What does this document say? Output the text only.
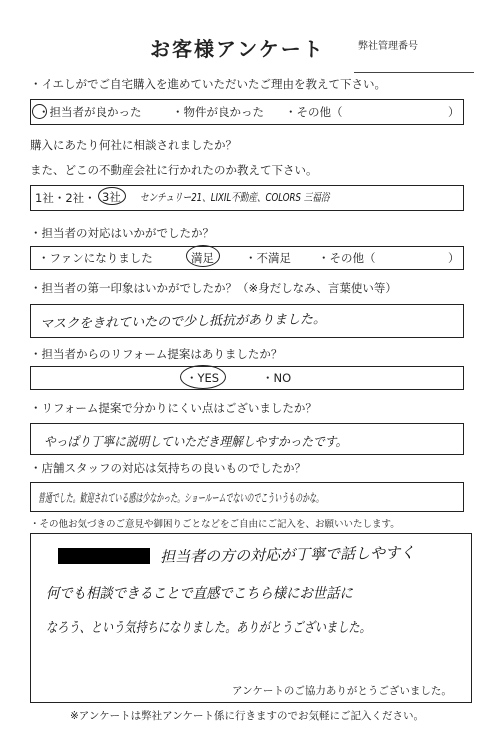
お客様アンケート	弊社管理番号
・イエしがでご自宅購入を進めていただいたご理由を教えて下さい。
・担当者が良かった	・物件が良かった ・その他（	）
購入にあたり何社に相談されましたか？
また、どこの不動産会社に行かれたのか教えて下さい。
1社・2社・ 3社 センチュリー21、LIXIL不動産、COLORS 三福浴
・担当者の対応はいかがでしたか？
・ファンになりました	満足	・不満足 ・その他（	）
・担当者の第一印象はいかがでしたか？（※身だしなみ、言葉使い等）
マスクをきれていたので少し抵抗がありました。
・担当者からのリフォーム提案はありましたか？
・YES	・NO
・リフォーム提案で分かりにくい点はございましたか？
やっぱり丁寧に説明していただき理解しやすかったです。
・店舗スタッフの対応は気持ちの良いものでしたか？
普通でした。歓迎されている感は少なかった。ショールームでないのでこういうものかな。
・その他お気づきのご意見や御困りごとなどをご自由にご記入を、お願いいたします。
担当者の方の対応が丁寧で話しやすく
何でも相談できることで直感でこちら様にお世話に
なろう、という気持ちになりました。ありがとうございました。
アンケートのご協力ありがとうございました。
※アンケートは弊社アンケート係に行きますのでお気軽にご記入ください。
